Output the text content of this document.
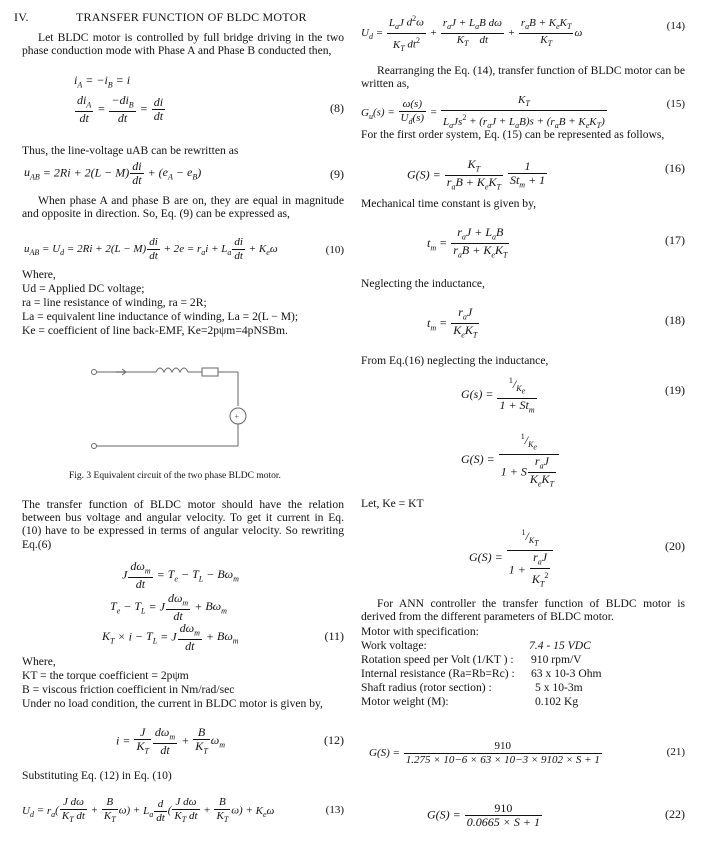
IV.	TRANSFER FUNCTION OF BLDC MOTOR

Let BLDC motor is controlled by full bridge driving in the two phase conduction mode with Phase A and Phase B conducted then,

$i_A = -i_B = i$
$\frac{di_A}{dt} = \frac{-di_B}{dt} = \frac{di}{dt}$	(8)

Thus, the line-voltage uAB can be rewritten as

$u_{AB} = 2Ri + 2(L - M) \frac{di}{dt} + (e_A - e_B)$	(9)

When phase A and phase B are on, they are equal in magnitude and opposite in direction. So, Eq. (9) can be expressed as,

$u_{AB} = U_d = 2Ri + 2(L - M) \frac{di}{dt} + 2e = r_ai + L_a \frac{di}{dt} + K_e\omega$	(10)

Where,

Ud = Applied DC voltage;

ra = line resistance of winding, ra = 2R;

La = equivalent line inductance of winding, La = 2(L − M);

Ke = coefficient of line back-EMF, Ke=2pψm=4pNSBm.

+

Fig. 3 Equivalent circuit of the two phase BLDC motor.

The transfer function of BLDC motor should have the relation between bus voltage and angular velocity. To get it current in Eq. (10) have to be expressed in terms of angular velocity. So rewriting Eq.(6)

J $\frac{d\omega_m}{dt} = T_e - T_L - B\omega_m$
$T_e - T_L = J \frac{d\omega_m}{dt} + B\omega_m$
$K_T \times i - T_L = J \frac{d\omega_m}{dt} + B\omega_m$	(11)

Where,

KT = the torque coefficient = 2pψm

B = viscous friction coefficient in Nm/rad/sec

Under no load condition, the current in BLDC motor is given by,

$i = \frac{J}{K_T} \frac{d\omega_m}{dt} + \frac{B}{K_T} \omega_m$	(12)

Substituting Eq. (12) in Eq. (10)

$U_d = r_a( \frac{\text{J dω}}{K_T dt} + \frac{B}{K_T} \omega) + L_a \frac{d}{dt}$ ( $\frac{\text{J dω}}{K_T dt} + \frac{B}{K_T} \omega) + K_e\omega$	(13)
$U_d = \frac{L_aJ d^2\omega}{K_T dt^2} + \frac{r_aJ + L_aB d\omega}{K_T dt} + \frac{r_aB + K_eK_T}{K_T}$ ω
(14)

Rearranging the Eq. (14), transfer function of BLDC motor can be written as,

$G_u(s) = \frac{\omega(s)}{U_d(s)} = \frac{K_T}{L_aJs^2 + (r_aJ + L_aB)s + (r_aB + K_eK_T)}$	(15)

For the first order system, Eq. (15) can be represented as follows,

$G(S) = \frac{K_T}{r_aB + K_eK_T}$
$\frac{1}{St_m + 1}$	(16)

Mechanical time constant is given by,

$t_m = \frac{r_aJ + L_aB}{r_aB + K_eK_T}$	(17)

Neglecting the inductance,

$t_m = \frac{r_aJ}{K_eK_T}$	(18)

From Eq.(16) neglecting the inductance,

$G(s) = \frac{^1/_{Ke}}{1 + St_m}$	(19)
$G(S) = \frac{^1/_{Ke}}{1 + S \frac{r_aJ}{K_eK_T}}$

Let, Ke = KT

$G(S) = \frac{^1/_{KT}}{1 + \frac{r_aJ}{K_T^2}}$	(20)

For ANN controller the transfer function of BLDC motor is derived from the different parameters of BLDC motor.

Motor with specification:

Work voltage:	7.4 - 15 VDC
Rotation speed per Volt (1/KT ) : 910 rpm/V
Internal resistance (Ra=Rb=Rc) : 63 x 10-3 Ohm
Shaft radius (rotor section) :	5 x 10-3m
Motor weight (M):	0.102 Kg
$G(S) = \frac{910}{1.275 \times 10-6 \times 63 \times 10-3 \times 9102 \times S + 1}$	(21)
$G(S) = \frac{910}{0.0665 \times S + 1}$	(22)
